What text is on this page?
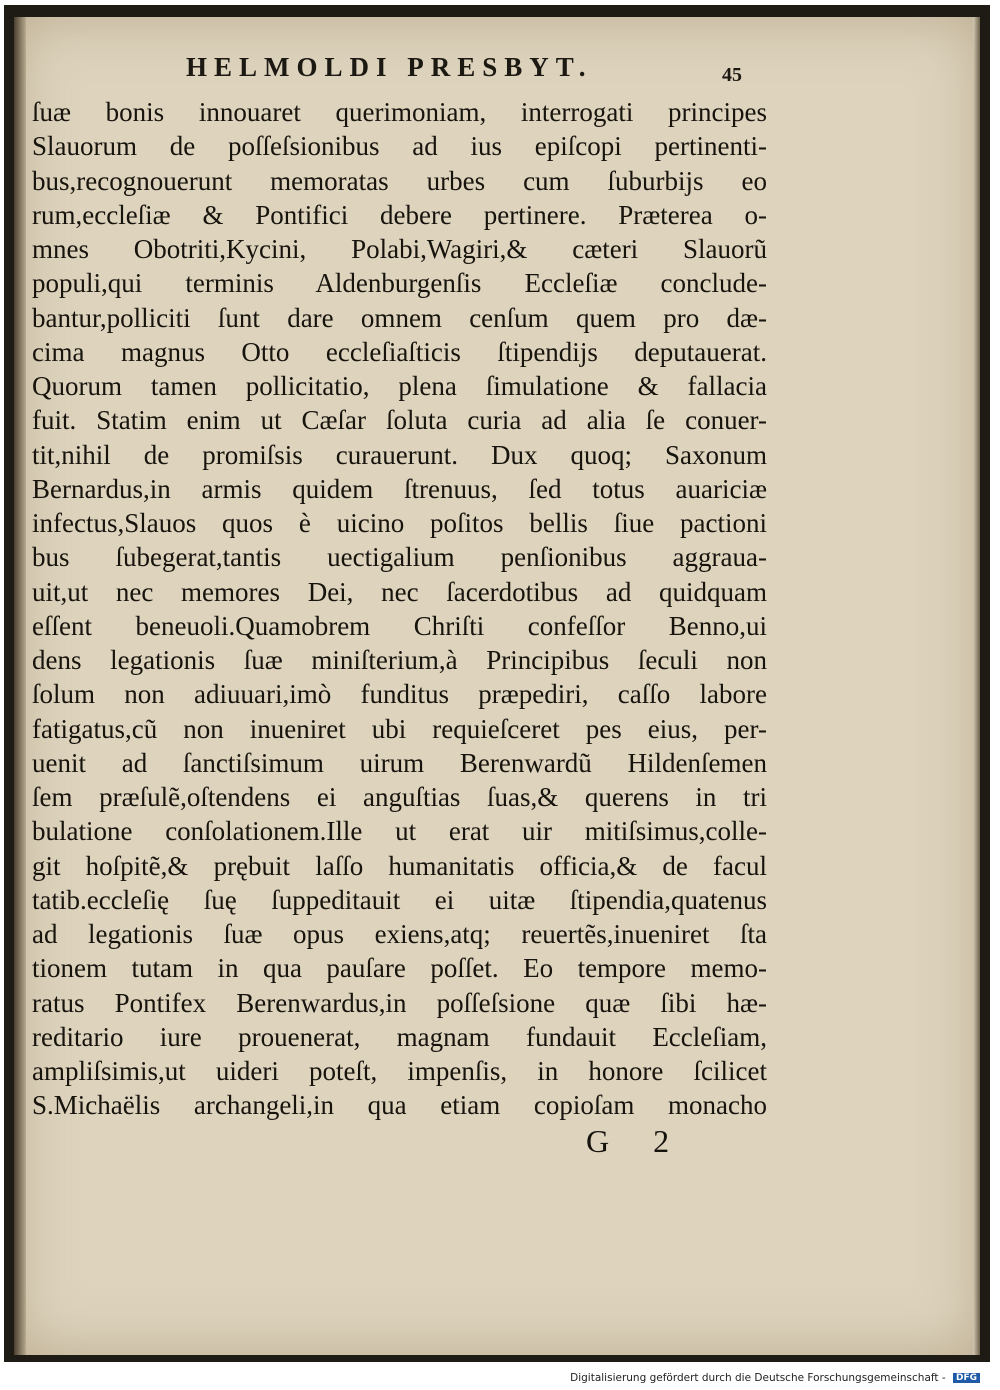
HELMOLDI PRESBYT.	45
ſuæ bonis innouaret querimoniam, interrogati principes
Slauorum de poſſeſsionibus ad ius epiſcopi pertinenti-
bus,recognouerunt memoratas urbes cum ſuburbijs eo
rum,eccleſiæ & Pontifici debere pertinere. Præterea o-
mnes Obotriti,Kycini, Polabi,Wagiri,& cæteri Slauorũ
populi,qui terminis Aldenburgenſis Eccleſiæ conclude-
bantur,polliciti ſunt dare omnem cenſum quem pro dæ-
cima magnus Otto eccleſiaſticis ſtipendijs deputauerat.
Quorum tamen pollicitatio, plena ſimulatione & fallacia
fuit. Statim enim ut Cæſar ſoluta curia ad alia ſe conuer-
tit,nihil de promiſsis curauerunt. Dux quoq; Saxonum
Bernardus,in armis quidem ſtrenuus, ſed totus auariciæ
infectus,Slauos quos è uicino poſitos bellis ſiue pactioni
bus ſubegerat,tantis uectigalium penſionibus aggraua-
uit,ut nec memores Dei, nec ſacerdotibus ad quidquam
eſſent beneuoli.Quamobrem Chriſti confeſſor Benno,ui
dens legationis ſuæ miniſterium,à Principibus ſeculi non
ſolum non adiuuari,imò funditus præpediri, caſſo labore
fatigatus,cũ non inueniret ubi requieſceret pes eius, per-
uenit ad ſanctiſsimum uirum Berenwardũ Hildenſemen
ſem præſulẽ,oſtendens ei anguſtias ſuas,& querens in tri
bulatione conſolationem.Ille ut erat uir mitiſsimus,colle-
git hoſpitẽ,& prębuit laſſo humanitatis officia,& de facul
tatib.eccleſię ſuę ſuppeditauit ei uitæ ſtipendia,quatenus
ad legationis ſuæ opus exiens,atq; reuertẽs,inueniret ſta
tionem tutam in qua pauſare poſſet. Eo tempore memo-
ratus Pontifex Berenwardus,in poſſeſsione quæ ſibi hæ-
reditario iure prouenerat, magnam fundauit Eccleſiam,
ampliſsimis,ut uideri poteſt, impenſis, in honore ſcilicet
S.Michaëlis archangeli,in qua etiam copioſam monacho
G 2
Digitalisierung gefördert durch die Deutsche Forschungsgemeinschaft - DFG
